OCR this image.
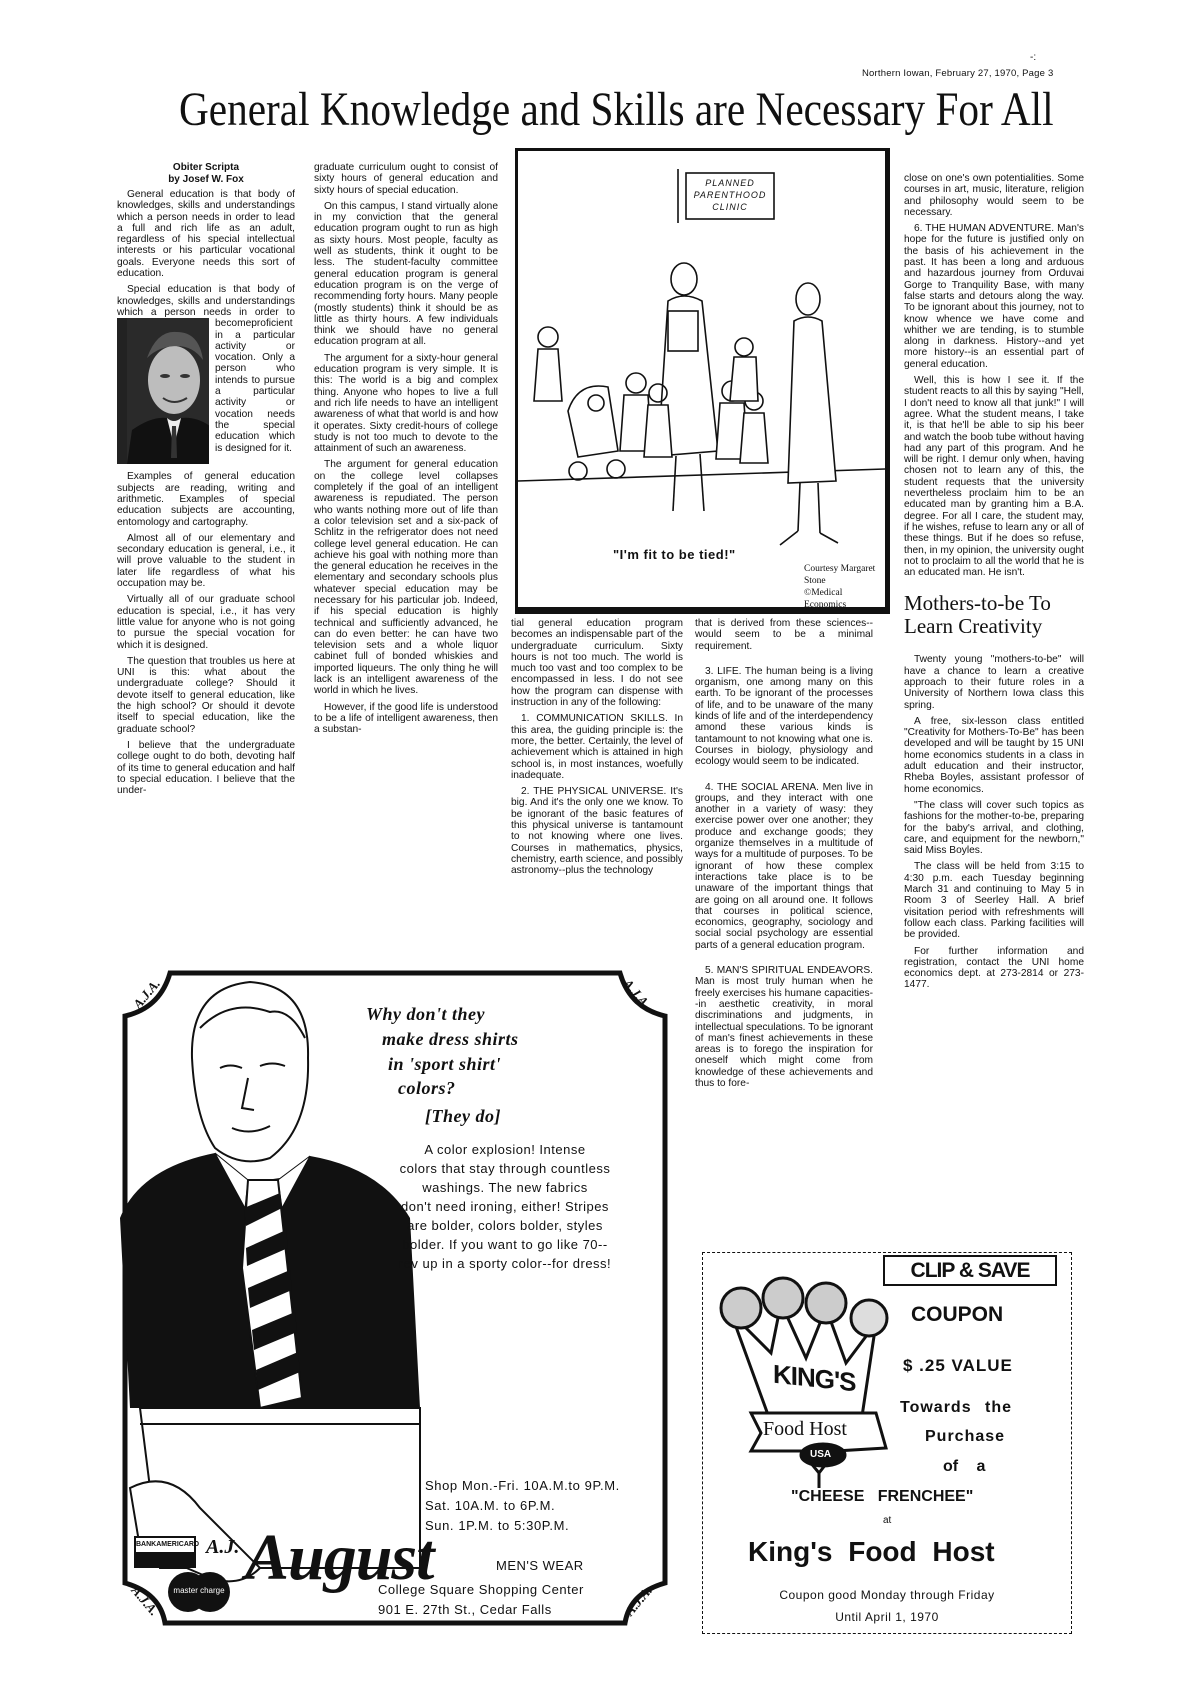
-:
Northern Iowan, February 27, 1970, Page 3
General Knowledge and Skills are Necessary For All
Obiter Scripta
by Josef W. Fox

General education is that body of knowledges, skills and understandings which a person needs in order to lead a full and rich life as an adult, regardless of his special intellectual interests or his particular vocational goals. Everyone needs this sort of education.

Special education is that body of knowledges, skills and understandings which a person needs in order to becomeproficient in a particular activity or vocation. Only a person who intends to pursue a particular activity or vocation needs the special education which is designed for it.

Examples of general education subjects are reading, writing and arithmetic. Examples of special education subjects are accounting, entomology and cartography.

Almost all of our elementary and secondary education is general, i.e., it will prove valuable to the student in later life regardless of what his occupation may be.

Virtually all of our graduate school education is special, i.e., it has very little value for anyone who is not going to pursue the special vocation for which it is designed.

The question that troubles us here at UNI is this: what about the undergraduate college? Should it devote itself to general education, like the high school? Or should it devote itself to special education, like the graduate school?

I believe that the undergraduate college ought to do both, devoting half of its time to general education and half to special education. I believe that the under-

graduate curriculum ought to consist of sixty hours of general education and sixty hours of special education.

On this campus, I stand virtually alone in my conviction that the general education program ought to run as high as sixty hours. Most people, faculty as well as students, think it ought to be less. The student-faculty committee general education program is general education program is on the verge of recommending forty hours. Many people (mostly students) think it should be as little as thirty hours. A few individuals think we should have no general education program at all.

The argument for a sixty-hour general education program is very simple. It is this: The world is a big and complex thing. Anyone who hopes to live a full and rich life needs to have an intelligent awareness of what that world is and how it operates. Sixty credit-hours of college study is not too much to devote to the attainment of such an awareness.

The argument for general education on the college level collapses completely if the goal of an intelligent awareness is repudiated. The person who wants nothing more out of life than a color television set and a six-pack of Schlitz in the refrigerator does not need college level general education. He can achieve his goal with nothing more than the general education he receives in the elementary and secondary schools plus whatever special education may be necessary for his particular job. Indeed, if his special education is highly technical and sufficiently advanced, he can do even better: he can have two television sets and a whole liquor cabinet full of bonded whiskies and imported liqueurs. The only thing he will lack is an intelligent awareness of the world in which he lives.

However, if the good life is understood to be a life of intelligent awareness, then a substan-

PLANNED
PARENTHOOD
CLINIC
"I'm fit to be tied!"
Courtesy Margaret Stone
©Medical Economics

tial general education program becomes an indispensable part of the undergraduate curriculum. Sixty hours is not too much. The world is much too vast and too complex to be encompassed in less. I do not see how the program can dispense with instruction in any of the following:

1. COMMUNICATION SKILLS. In this area, the guiding principle is: the more, the better. Certainly, the level of achievement which is attained in high school is, in most instances, woefully inadequate.

2. THE PHYSICAL UNIVERSE. It's big. And it's the only one we know. To be ignorant of the basic features of this physical universe is tantamount to not knowing where one lives. Courses in mathematics, physics, chemistry, earth science, and possibly astronomy--plus the technology

that is derived from these sciences--would seem to be a minimal requirement.

3. LIFE. The human being is a living organism, one among many on this earth. To be ignorant of the processes of life, and to be unaware of the many kinds of life and of the interdependency amond these various kinds is tantamount to not knowing what one is. Courses in biology, physiology and ecology would seem to be indicated.

4. THE SOCIAL ARENA. Men live in groups, and they interact with one another in a variety of wasy: they exercise power over one another; they produce and exchange goods; they organize themselves in a multitude of ways for a multitude of purposes. To be ignorant of how these complex interactions take place is to be unaware of the important things that are going on all around one. It follows that courses in political science, economics, geography, sociology and social social psychology are essential parts of a general education program.

5. MAN'S SPIRITUAL ENDEAVORS. Man is most truly human when he freely exercises his humane capacities--in aesthetic creativity, in moral discriminations and judgments, in intellectual speculations. To be ignorant of man's finest achievements in these areas is to forego the inspiration for oneself which might come from knowledge of these achievements and thus to fore-

close on one's own potentialities. Some courses in art, music, literature, religion and philosophy would seem to be necessary.

6. THE HUMAN ADVENTURE. Man's hope for the future is justified only on the basis of his achievement in the past. It has been a long and arduous and hazardous journey from Orduvai Gorge to Tranquility Base, with many false starts and detours along the way. To be ignorant about this journey, not to know whence we have come and whither we are tending, is to stumble along in darkness. History--and yet more history--is an essential part of general education.

Well, this is how I see it. If the student reacts to all this by saying "Hell, I don't need to know all that junk!" I will agree. What the student means, I take it, is that he'll be able to sip his beer and watch the boob tube without having had any part of this program. And he will be right. I demur only when, having chosen not to learn any of this, the student requests that the university nevertheless proclaim him to be an educated man by granting him a B.A. degree. For all I care, the student may, if he wishes, refuse to learn any or all of these things. But if he does so refuse, then, in my opinion, the university ought not to proclaim to all the world that he is an educated man. He isn't.

Mothers-to-be To Learn Creativity

Twenty young "mothers-to-be" will have a chance to learn a creative approach to their future roles in a University of Northern Iowa class this spring.

A free, six-lesson class entitled "Creativity for Mothers-To-Be" has been developed and will be taught by 15 UNI home economics students in a class in adult education and their instructor, Rheba Boyles, assistant professor of home economics.

"The class will cover such topics as fashions for the mother-to-be, preparing for the baby's arrival, and clothing, care, and equipment for the newborn," said Miss Boyles.

The class will be held from 3:15 to 4:30 p.m. each Tuesday beginning March 31 and continuing to May 5 in Room 3 of Seerley Hall. A brief visitation period with refreshments will follow each class. Parking facilities will be provided.

For further information and registration, contact the UNI home economics dept. at 273-2814 or 273-1477.

A.J.A.	A.J.A.
A.J.A.	A.J.A.
Why don't they
make dress shirts
in 'sport shirt'
colors?
[They do]
A color explosion! Intense
colors that stay through countless
washings. The new fabrics
don't need ironing, either! Stripes
are bolder, colors bolder, styles
bolder. If you want to go like 70--
rev up in a sporty color--for dress!
Shop Mon.-Fri. 10A.M.to 9P.M.
Sat. 10A.M. to 6P.M.
Sun. 1P.M. to 5:30P.M.
BANKAMERICARD
master charge
A.J. August	MEN'S WEAR
College Square Shopping Center
901 E. 27th St., Cedar Falls
KING'S
Food Host
USA
CLIP & SAVE
COUPON
$ .25 VALUE
Towards the
Purchase
of a
"CHEESE   FRENCHEE"
at
King's Food Host
Coupon good Monday through Friday
Until April 1, 1970
